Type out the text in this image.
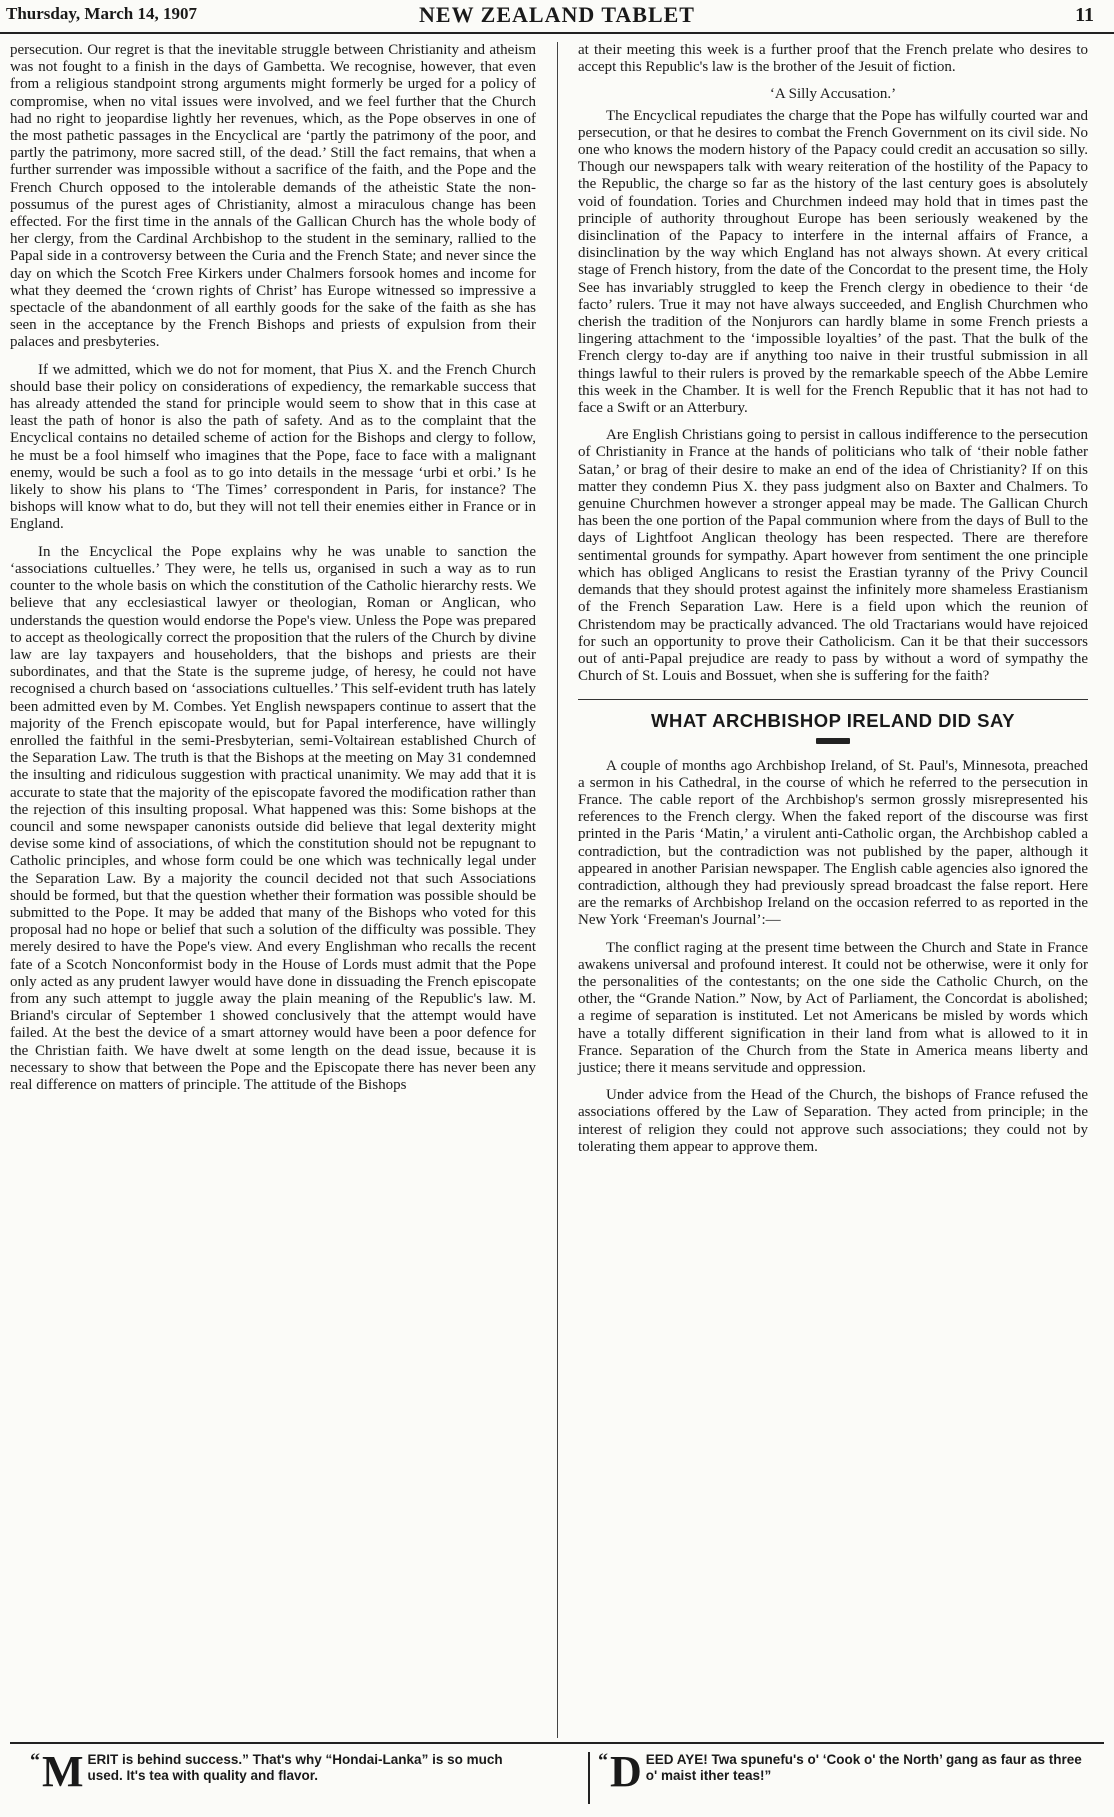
Thursday, March 14, 1907	NEW ZEALAND TABLET	11

persecution. Our regret is that the inevitable struggle between Christianity and atheism was not fought to a finish in the days of Gambetta. We recognise, however, that even from a religious standpoint strong arguments might formerly be urged for a policy of compromise, when no vital issues were involved, and we feel further that the Church had no right to jeopardise lightly her revenues, which, as the Pope observes in one of the most pathetic passages in the Encyclical are ‘partly the patrimony of the poor, and partly the patrimony, more sacred still, of the dead.’ Still the fact remains, that when a further surrender was impossible without a sacrifice of the faith, and the Pope and the French Church opposed to the intolerable demands of the atheistic State the non-possumus of the purest ages of Christianity, almost a miraculous change has been effected. For the first time in the annals of the Gallican Church has the whole body of her clergy, from the Cardinal Archbishop to the student in the seminary, rallied to the Papal side in a controversy between the Curia and the French State; and never since the day on which the Scotch Free Kirkers under Chalmers forsook homes and income for what they deemed the ‘crown rights of Christ’ has Europe witnessed so impressive a spectacle of the abandonment of all earthly goods for the sake of the faith as she has seen in the acceptance by the French Bishops and priests of expulsion from their palaces and presbyteries.

If we admitted, which we do not for moment, that Pius X. and the French Church should base their policy on considerations of expediency, the remarkable success that has already attended the stand for principle would seem to show that in this case at least the path of honor is also the path of safety. And as to the complaint that the Encyclical contains no detailed scheme of action for the Bishops and clergy to follow, he must be a fool himself who imagines that the Pope, face to face with a malignant enemy, would be such a fool as to go into details in the message ‘urbi et orbi.’ Is he likely to show his plans to ‘The Times’ correspondent in Paris, for instance? The bishops will know what to do, but they will not tell their enemies either in France or in England.

In the Encyclical the Pope explains why he was unable to sanction the ‘associations cultuelles.’ They were, he tells us, organised in such a way as to run counter to the whole basis on which the constitution of the Catholic hierarchy rests. We believe that any ecclesiastical lawyer or theologian, Roman or Anglican, who understands the question would endorse the Pope's view. Unless the Pope was prepared to accept as theologically correct the proposition that the rulers of the Church by divine law are lay taxpayers and householders, that the bishops and priests are their subordinates, and that the State is the supreme judge, of heresy, he could not have recognised a church based on ‘associations cultuelles.’ This self-evident truth has lately been admitted even by M. Combes. Yet English newspapers continue to assert that the majority of the French episcopate would, but for Papal interference, have willingly enrolled the faithful in the semi-Presbyterian, semi-Voltairean established Church of the Separation Law. The truth is that the Bishops at the meeting on May 31 condemned the insulting and ridiculous suggestion with practical unanimity. We may add that it is accurate to state that the majority of the episcopate favored the modification rather than the rejection of this insulting proposal. What happened was this: Some bishops at the council and some newspaper canonists outside did believe that legal dexterity might devise some kind of associations, of which the constitution should not be repugnant to Catholic principles, and whose form could be one which was technically legal under the Separation Law. By a majority the council decided not that such Associations should be formed, but that the question whether their formation was possible should be submitted to the Pope. It may be added that many of the Bishops who voted for this proposal had no hope or belief that such a solution of the difficulty was possible. They merely desired to have the Pope's view. And every Englishman who recalls the recent fate of a Scotch Nonconformist body in the House of Lords must admit that the Pope only acted as any prudent lawyer would have done in dissuading the French episcopate from any such attempt to juggle away the plain meaning of the Republic's law. M. Briand's circular of September 1 showed conclusively that the attempt would have failed. At the best the device of a smart attorney would have been a poor defence for the Christian faith. We have dwelt at some length on the dead issue, because it is necessary to show that between the Pope and the Episcopate there has never been any real difference on matters of principle. The attitude of the Bishops

at their meeting this week is a further proof that the French prelate who desires to accept this Republic's law is the brother of the Jesuit of fiction.

‘A Silly Accusation.’

The Encyclical repudiates the charge that the Pope has wilfully courted war and persecution, or that he desires to combat the French Government on its civil side. No one who knows the modern history of the Papacy could credit an accusation so silly. Though our newspapers talk with weary reiteration of the hostility of the Papacy to the Republic, the charge so far as the history of the last century goes is absolutely void of foundation. Tories and Churchmen indeed may hold that in times past the principle of authority throughout Europe has been seriously weakened by the disinclination of the Papacy to interfere in the internal affairs of France, a disinclination by the way which England has not always shown. At every critical stage of French history, from the date of the Concordat to the present time, the Holy See has invariably struggled to keep the French clergy in obedience to their ‘de facto’ rulers. True it may not have always succeeded, and English Churchmen who cherish the tradition of the Nonjurors can hardly blame in some French priests a lingering attachment to the ‘impossible loyalties’ of the past. That the bulk of the French clergy to-day are if anything too naive in their trustful submission in all things lawful to their rulers is proved by the remarkable speech of the Abbe Lemire this week in the Chamber. It is well for the French Republic that it has not had to face a Swift or an Atterbury.

Are English Christians going to persist in callous indifference to the persecution of Christianity in France at the hands of politicians who talk of ‘their noble father Satan,’ or brag of their desire to make an end of the idea of Christianity? If on this matter they condemn Pius X. they pass judgment also on Baxter and Chalmers. To genuine Churchmen however a stronger appeal may be made. The Gallican Church has been the one portion of the Papal communion where from the days of Bull to the days of Lightfoot Anglican theology has been respected. There are therefore sentimental grounds for sympathy. Apart however from sentiment the one principle which has obliged Anglicans to resist the Erastian tyranny of the Privy Council demands that they should protest against the infinitely more shameless Erastianism of the French Separation Law. Here is a field upon which the reunion of Christendom may be practically advanced. The old Tractarians would have rejoiced for such an opportunity to prove their Catholicism. Can it be that their successors out of anti-Papal prejudice are ready to pass by without a word of sympathy the Church of St. Louis and Bossuet, when she is suffering for the faith?

WHAT ARCHBISHOP IRELAND DID SAY

A couple of months ago Archbishop Ireland, of St. Paul's, Minnesota, preached a sermon in his Cathedral, in the course of which he referred to the persecution in France. The cable report of the Archbishop's sermon grossly misrepresented his references to the French clergy. When the faked report of the discourse was first printed in the Paris ‘Matin,’ a virulent anti-Catholic organ, the Archbishop cabled a contradiction, but the contradiction was not published by the paper, although it appeared in another Parisian newspaper. The English cable agencies also ignored the contradiction, although they had previously spread broadcast the false report. Here are the remarks of Archbishop Ireland on the occasion referred to as reported in the New York ‘Freeman's Journal’:—

The conflict raging at the present time between the Church and State in France awakens universal and profound interest. It could not be otherwise, were it only for the personalities of the contestants; on the one side the Catholic Church, on the other, the “Grande Nation.” Now, by Act of Parliament, the Concordat is abolished; a regime of separation is instituted. Let not Americans be misled by words which have a totally different signification in their land from what is allowed to it in France. Separation of the Church from the State in America means liberty and justice; there it means servitude and oppression.

Under advice from the Head of the Church, the bishops of France refused the associations offered by the Law of Separation. They acted from principle; in the interest of religion they could not approve such associations; they could not by tolerating them appear to approve them.

“ M ERIT is behind success.” That's why “Hondai-Lanka” is so much used. It's tea with quality and flavor.
“ D EED AYE! Twa spunefu's o' ‘Cook o' the North’ gang as faur as three o' maist ither teas!”
